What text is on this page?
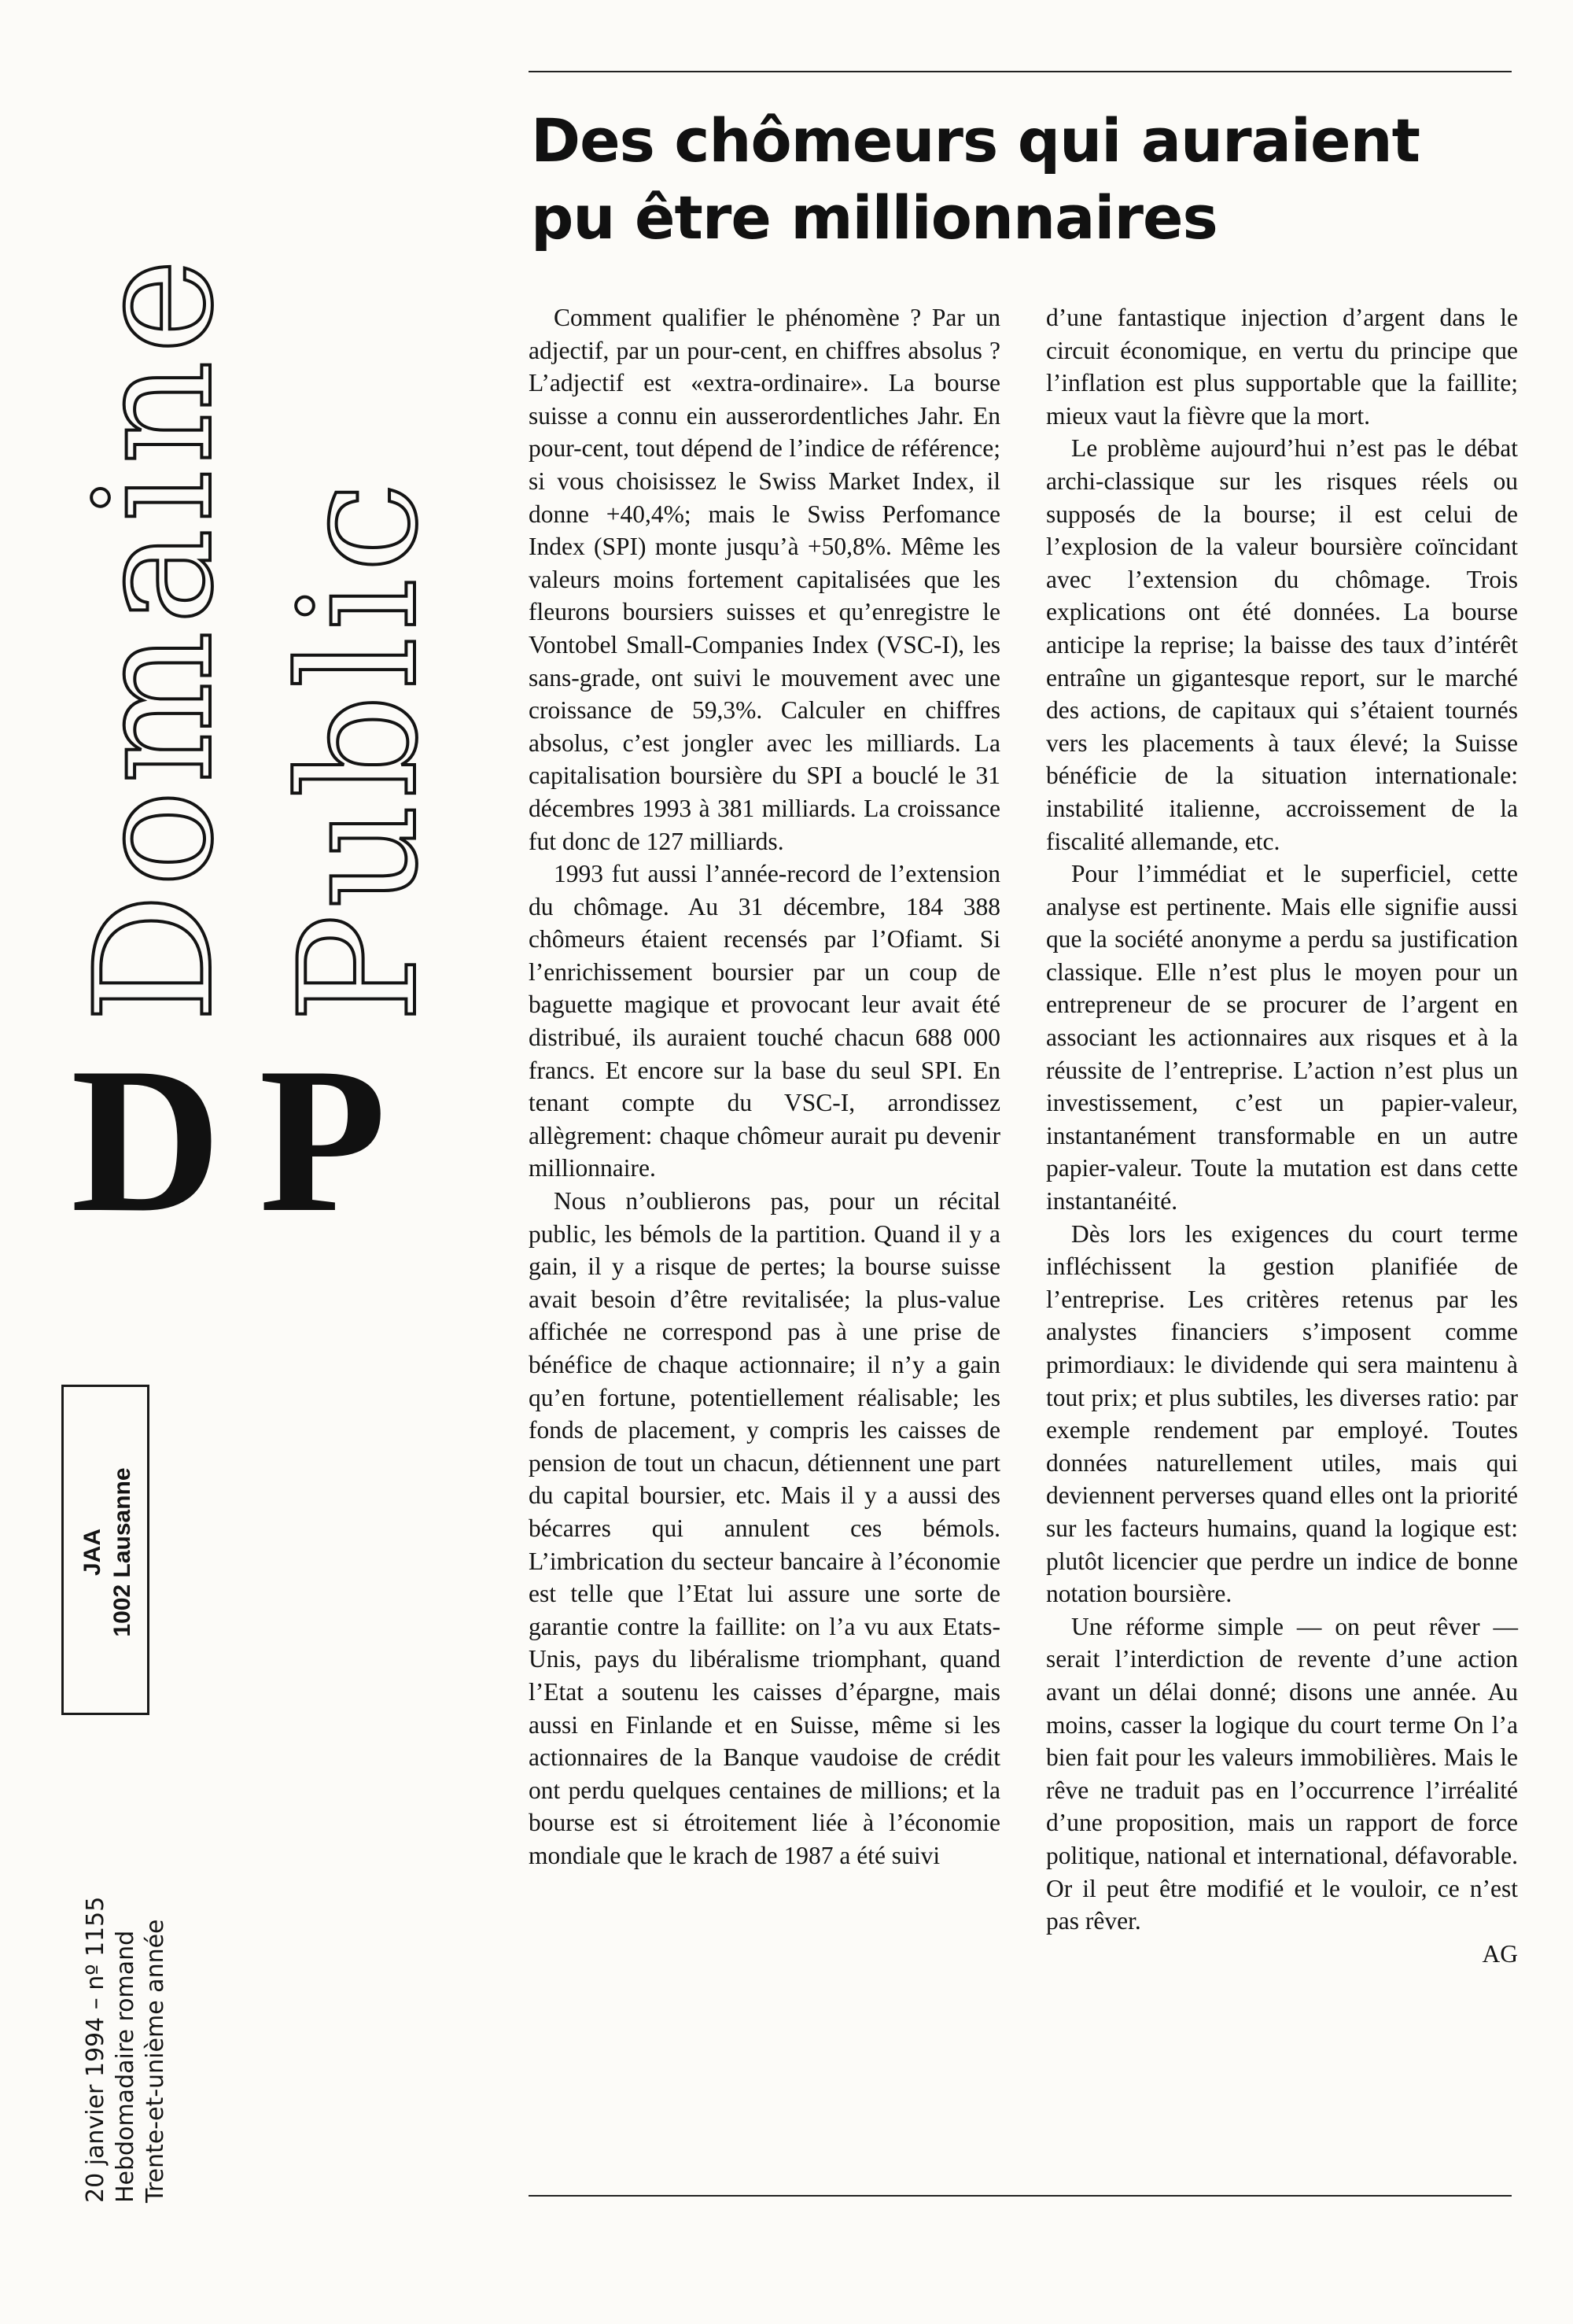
Domaine Public
D P
JAA 1002 Lausanne
20 janvier 1994 – nº 1155 Hebdomadaire romand Trente-et-unième année
Des chômeurs qui auraient pu être millionnaires

Comment qualifier le phénomène ? Par un adjectif, par un pour-cent, en chiffres absolus ? L’adjectif est «extra-ordinaire». La bourse suisse a connu ein ausserordentliches Jahr. En pour-cent, tout dépend de l’indice de référence; si vous choisissez le Swiss Market Index, il donne +40,4%; mais le Swiss Perfomance Index (SPI) monte jusqu’à +50,8%. Même les valeurs moins fortement capitalisées que les fleurons boursiers suisses et qu’enregistre le Vontobel Small-Companies Index (VSC-I), les sans-grade, ont suivi le mouvement avec une croissance de 59,3%. Calculer en chiffres absolus, c’est jongler avec les milliards. La capitalisation boursière du SPI a bouclé le 31 décembres 1993 à 381 milliards. La croissance fut donc de 127 milliards.

1993 fut aussi l’année-record de l’extension du chômage. Au 31 décembre, 184 388 chômeurs étaient recensés par l’Ofiamt. Si l’enrichissement boursier par un coup de baguette magique et provocant leur avait été distribué, ils auraient touché chacun 688 000 francs. Et encore sur la base du seul SPI. En tenant compte du VSC-I, arrondissez allègrement: chaque chômeur aurait pu devenir millionnaire.

Nous n’oublierons pas, pour un récital public, les bémols de la partition. Quand il y a gain, il y a risque de pertes; la bourse suisse avait besoin d’être revitalisée; la plus-value affichée ne correspond pas à une prise de bénéfice de chaque actionnaire; il n’y a gain qu’en fortune, potentiellement réalisable; les fonds de placement, y compris les caisses de pension de tout un chacun, détiennent une part du capital boursier, etc. Mais il y a aussi des bécarres qui annulent ces bémols. L’imbrication du secteur bancaire à l’économie est telle que l’Etat lui assure une sorte de garantie contre la faillite: on l’a vu aux Etats-Unis, pays du libéralisme triomphant, quand l’Etat a soutenu les caisses d’épargne, mais aussi en Finlande et en Suisse, même si les actionnaires de la Banque vaudoise de crédit ont perdu quelques centaines de millions; et la bourse est si étroitement liée à l’économie mondiale que le krach de 1987 a été suivi

d’une fantastique injection d’argent dans le circuit économique, en vertu du principe que l’inflation est plus supportable que la faillite; mieux vaut la fièvre que la mort.

Le problème aujourd’hui n’est pas le débat archi-classique sur les risques réels ou supposés de la bourse; il est celui de l’explosion de la valeur boursière coïncidant avec l’extension du chômage. Trois explications ont été données. La bourse anticipe la reprise; la baisse des taux d’intérêt entraîne un gigantesque report, sur le marché des actions, de capitaux qui s’étaient tournés vers les placements à taux élevé; la Suisse bénéficie de la situation internationale: instabilité italienne, accroissement de la fiscalité allemande, etc.

Pour l’immédiat et le superficiel, cette analyse est pertinente. Mais elle signifie aussi que la société anonyme a perdu sa justification classique. Elle n’est plus le moyen pour un entrepreneur de se procurer de l’argent en associant les actionnaires aux risques et à la réussite de l’entreprise. L’action n’est plus un investissement, c’est un papier-valeur, instantanément transformable en un autre papier-valeur. Toute la mutation est dans cette instantanéité.

Dès lors les exigences du court terme infléchissent la gestion planifiée de l’entreprise. Les critères retenus par les analystes financiers s’imposent comme primordiaux: le dividende qui sera maintenu à tout prix; et plus subtiles, les diverses ratio: par exemple rendement par employé. Toutes données naturellement utiles, mais qui deviennent perverses quand elles ont la priorité sur les facteurs humains, quand la logique est: plutôt licencier que perdre un indice de bonne notation boursière.

Une réforme simple — on peut rêver — serait l’interdiction de revente d’une action avant un délai donné; disons une année. Au moins, casser la logique du court terme On l’a bien fait pour les valeurs immobilières. Mais le rêve ne traduit pas en l’occurrence l’irréalité d’une proposition, mais un rapport de force politique, national et international, défavorable. Or il peut être modifié et le vouloir, ce n’est pas rêver.

AG
